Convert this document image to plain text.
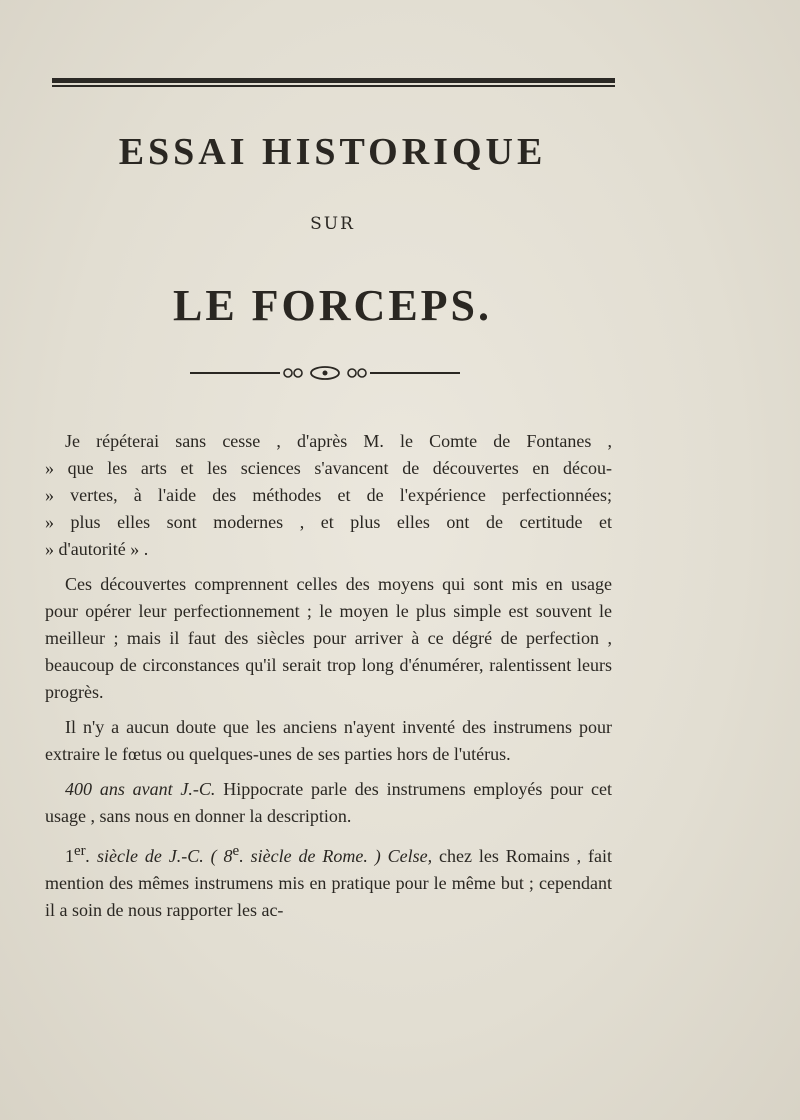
ESSAI HISTORIQUE
SUR
LE FORCEPS.
Je répéterai sans cesse , d'après M. le Comte de Fontanes ,
» que les arts et les sciences s'avancent de découvertes en décou-
» vertes, à l'aide des méthodes et de l'expérience perfectionnées;
» plus elles sont modernes , et plus elles ont de certitude et
» d'autorité » .

Ces découvertes comprennent celles des moyens qui sont mis en usage pour opérer leur perfectionnement ; le moyen le plus simple est souvent le meilleur ; mais il faut des siècles pour arriver à ce dégré de perfection , beaucoup de circonstances qu'il serait trop long d'énumérer, ralentissent leurs progrès.

Il n'y a aucun doute que les anciens n'ayent inventé des instrumens pour extraire le fœtus ou quelques-unes de ses parties hors de l'utérus.

400 ans avant J.-C. Hippocrate parle des instrumens employés pour cet usage , sans nous en donner la description.

1er. siècle de J.-C. ( 8e. siècle de Rome. ) Celse, chez les Romains , fait mention des mêmes instrumens mis en pratique pour le même but ; cependant il a soin de nous rapporter les ac-
